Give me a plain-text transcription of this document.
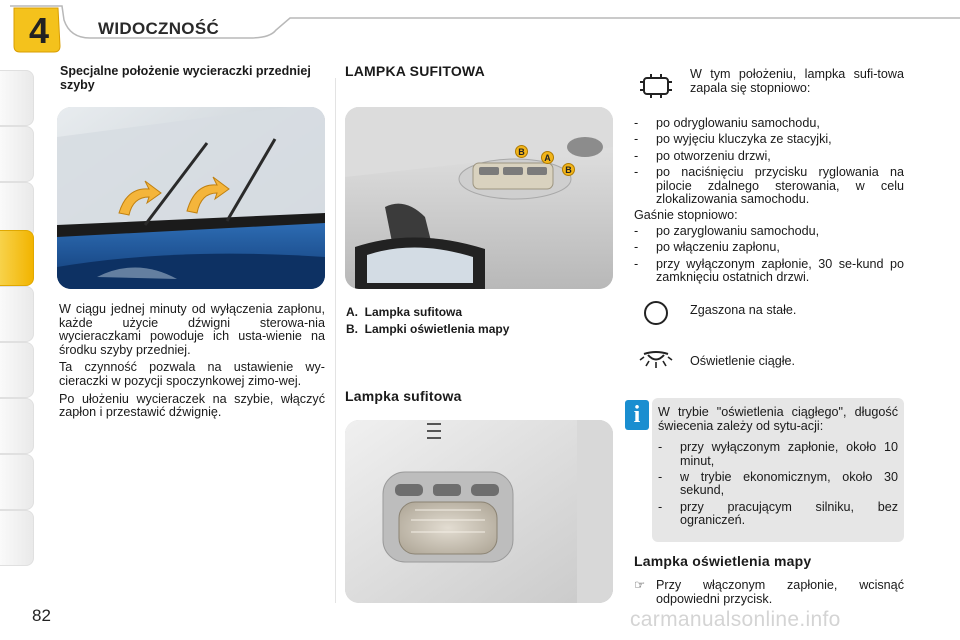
4	WIDOCZNOŚĆ
Specjalne położenie wycieraczki przedniej szyby

W ciągu jednej minuty od wyłączenia zapłonu, każde użycie dźwigni sterowa-nia wycieraczkami powoduje ich usta-wienie na środku szyby przedniej.

Ta czynność pozwala na ustawienie wy-cieraczki w pozycji spoczynkowej zimo-wej.

Po ułożeniu wycieraczek na szybie, włączyć zapłon i przestawić dźwignię.

LAMPKA SUFITOWA
B
A
B
A. Lampka sufitowa
B. Lampki oświetlenia mapy
Lampka sufitowa
W tym położeniu, lampka sufi-towa zapala się stopniowo:
- po odryglowaniu samochodu,
- po wyjęciu kluczyka ze stacyjki,
- po otworzeniu drzwi,
- po naciśnięciu przycisku ryglowania na pilocie zdalnego sterowania, w celu zlokalizowania samochodu.
Gaśnie stopniowo:
- po zaryglowaniu samochodu,
- po włączeniu zapłonu,
- przy wyłączonym zapłonie, 30 se-kund po zamknięciu ostatnich drzwi.
Zgaszona na stałe.
Oświetlenie ciągłe.
W trybie "oświetlenia ciągłego", długość świecenia zależy od sytu-acji:
- przy wyłączonym zapłonie, około 10 minut,
- w trybie ekonomicznym, około 30 sekund,
- przy pracującym silniku, bez ograniczeń.
i
Lampka oświetlenia mapy
☞ Przy włączonym zapłonie, wcisnąć odpowiedni przycisk.
82	carmanualsonline.info
